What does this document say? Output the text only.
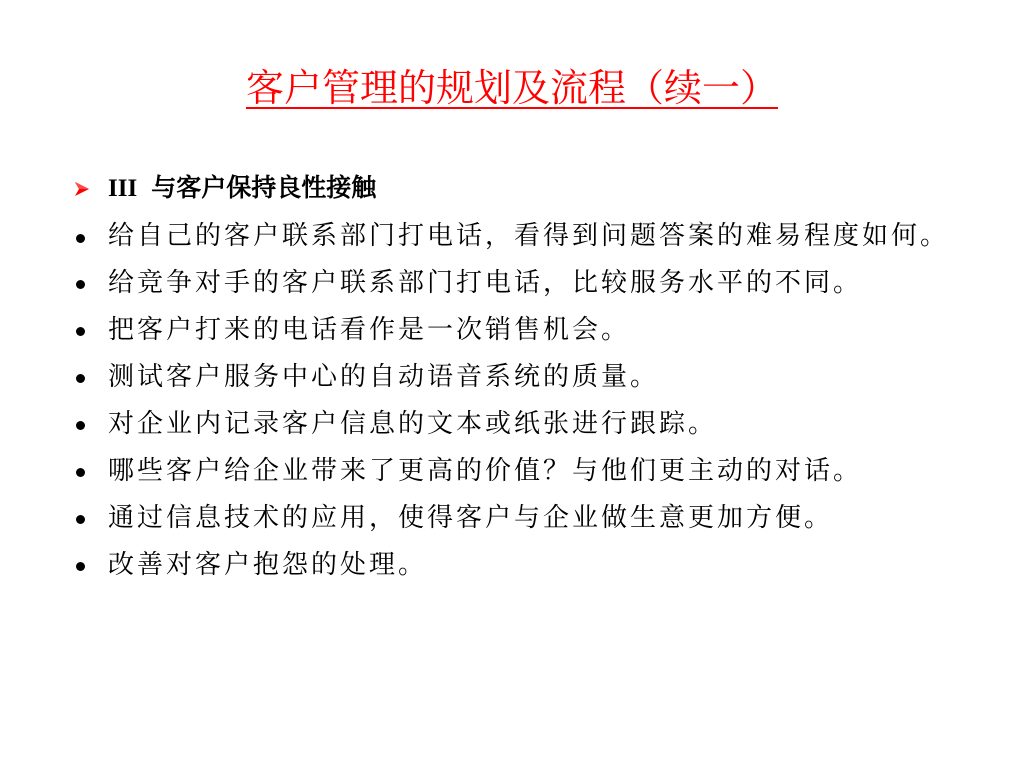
客户管理的规划及流程（续一）
III 与客户保持良性接触
给自己的客户联系部门打电话，看得到问题答案的难易程度如何。
给竞争对手的客户联系部门打电话，比较服务水平的不同。
把客户打来的电话看作是一次销售机会。
测试客户服务中心的自动语音系统的质量。
对企业内记录客户信息的文本或纸张进行跟踪。
哪些客户给企业带来了更高的价值？与他们更主动的对话。
通过信息技术的应用，使得客户与企业做生意更加方便。
改善对客户抱怨的处理。
